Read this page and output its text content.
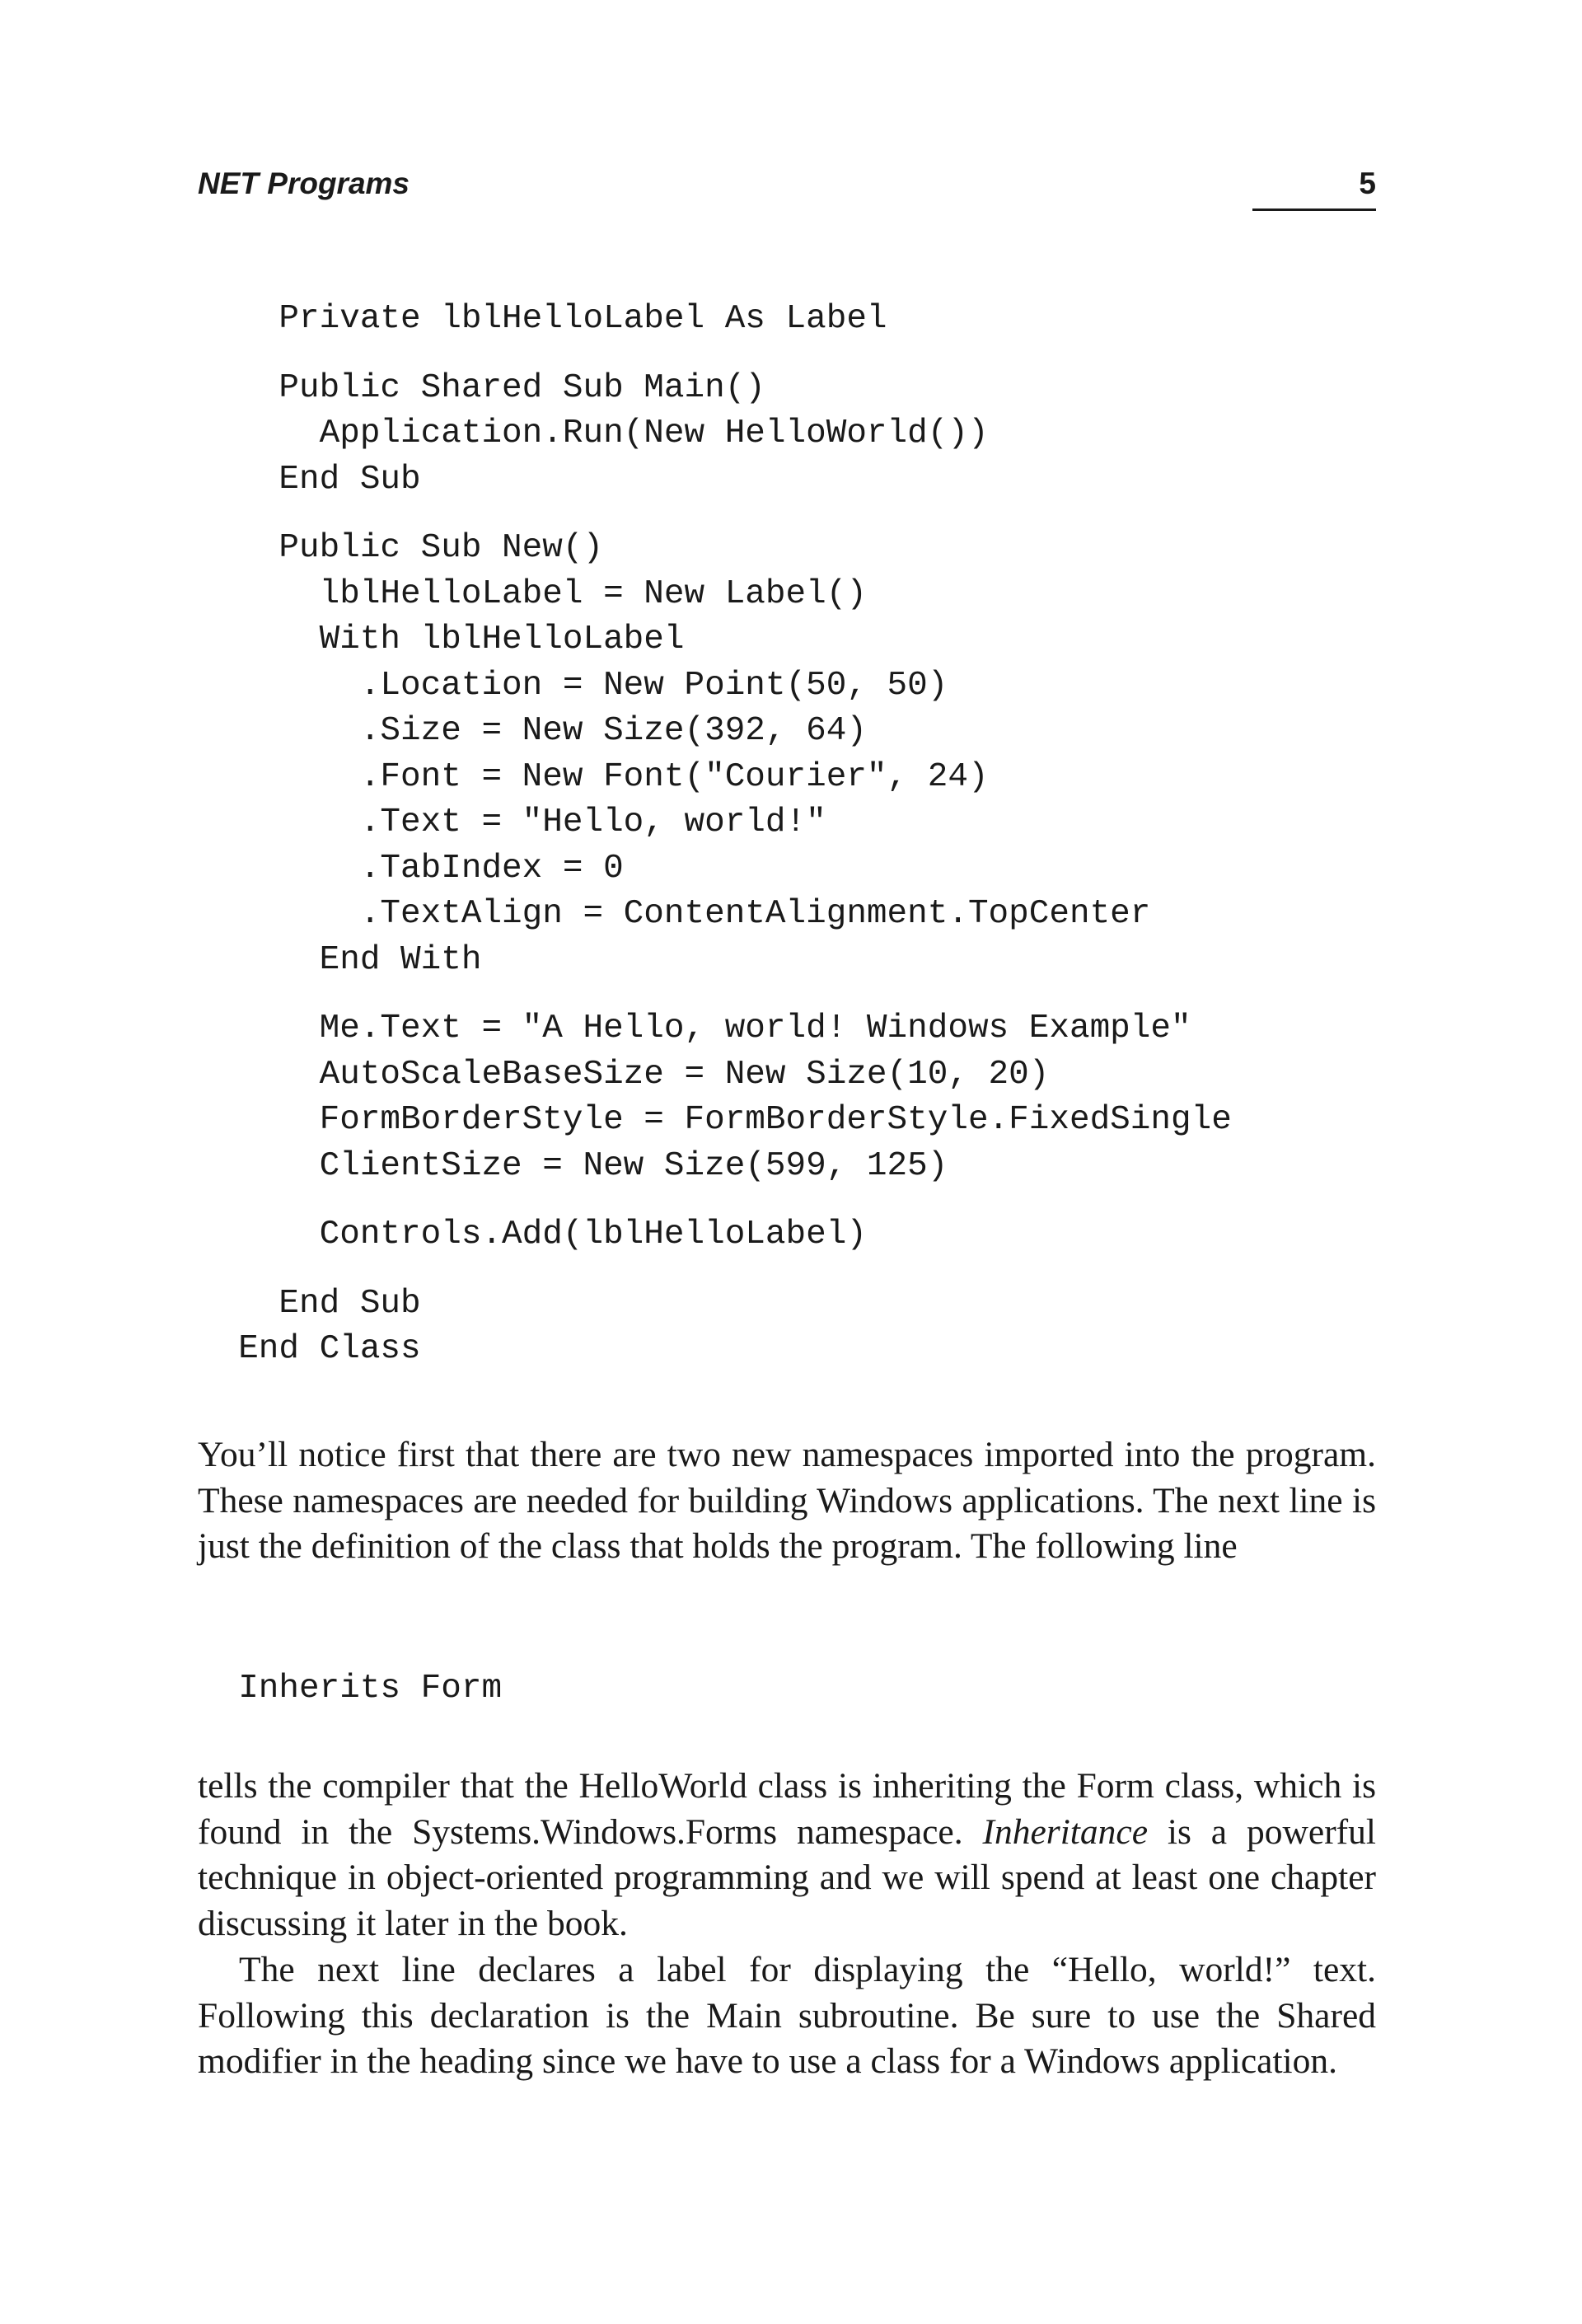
NET Programs	5
Private lblHelloLabel As Label
Public Shared Sub Main()
Application.Run(New HelloWorld())
End Sub
Public Sub New()
lblHelloLabel = New Label()
With lblHelloLabel
.Location = New Point(50, 50)
.Size = New Size(392, 64)
.Font = New Font("Courier", 24)
.Text = "Hello, world!"
.TabIndex = 0
.TextAlign = ContentAlignment.TopCenter
End With
Me.Text = "A Hello, world! Windows Example"
AutoScaleBaseSize = New Size(10, 20)
FormBorderStyle = FormBorderStyle.FixedSingle
ClientSize = New Size(599, 125)
Controls.Add(lblHelloLabel)
End Sub
End Class

You’ll notice first that there are two new namespaces imported into the program. These namespaces are needed for building Windows applications. The next line is just the definition of the class that holds the program. The following line

Inherits Form

tells the compiler that the HelloWorld class is inheriting the Form class, which is found in the Systems.Windows.Forms namespace. Inheritance is a powerful technique in object-oriented programming and we will spend at least one chapter discussing it later in the book.

The next line declares a label for displaying the “Hello, world!” text. Following this declaration is the Main subroutine. Be sure to use the Shared modifier in the heading since we have to use a class for a Windows application.
